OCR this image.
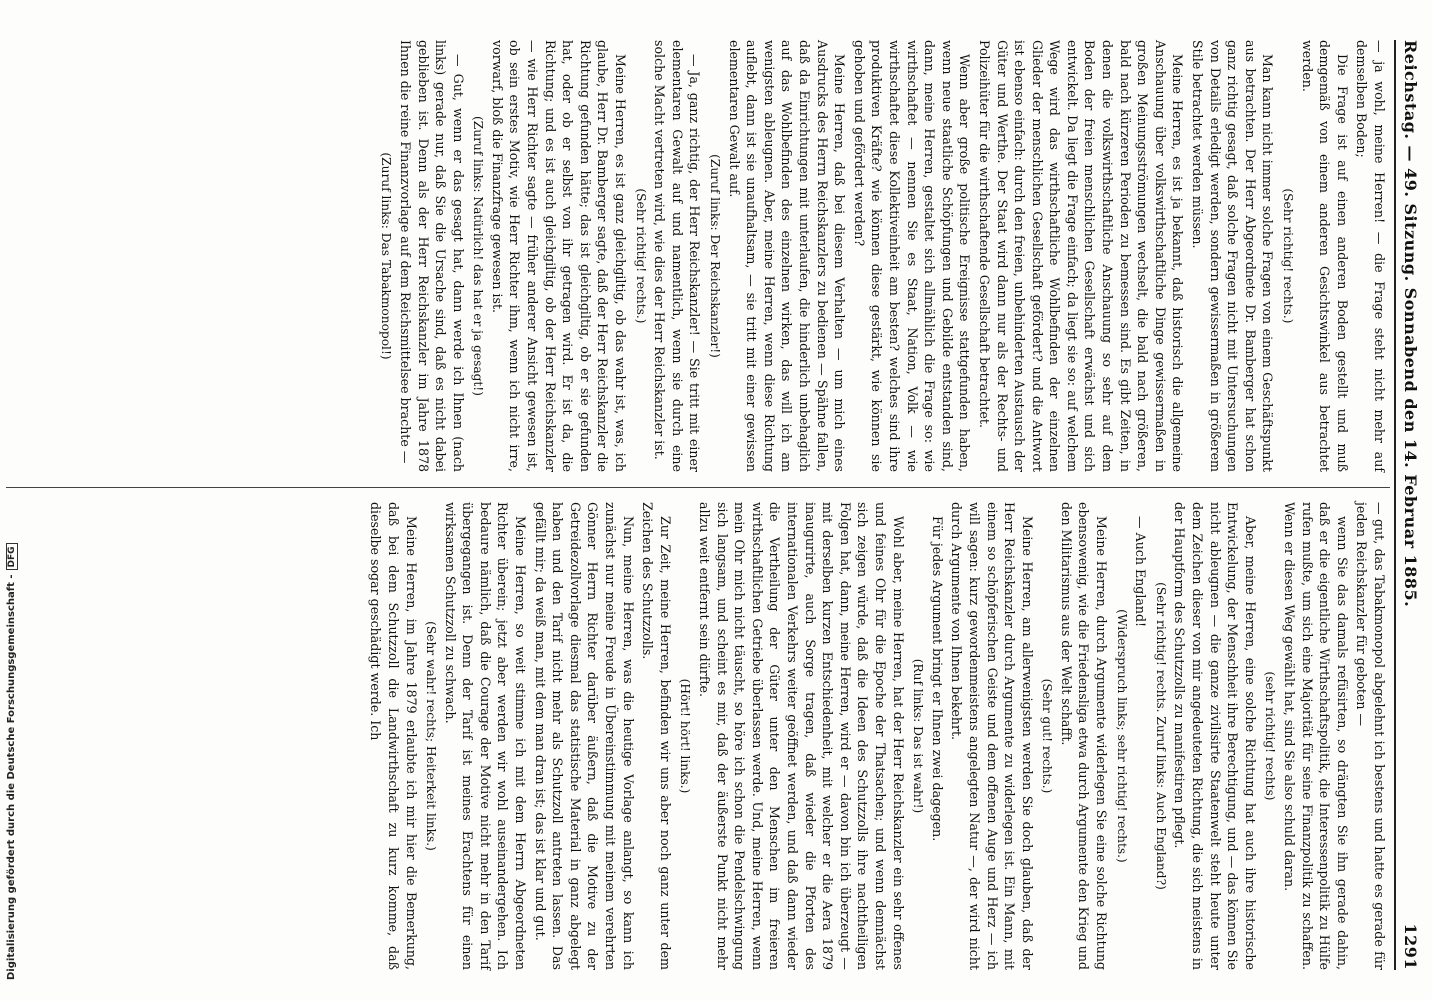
Reichstag. — 49. Sitzung. Sonnabend den 14. Februar 1885.
1291

— ja wohl, meine Herren! — die Frage steht nicht mehr auf demselben Boden;

Die Frage ist auf einen anderen Boden gestellt und muß demgemäß von einem anderen Gesichtswinkel aus betrachtet werden.

(Sehr richtig! rechts.)

Man kann nicht immer solche Fragen von einem Geschäftspunkt aus betrachten. Der Herr Abgeordnete Dr. Bamberger hat schon ganz richtig gesagt, daß solche Fragen nicht mit Untersuchungen von Details erledigt werden, sondern gewissermaßen in größerem Stile betrachtet werden müssen.

Meine Herren, es ist ja bekannt, daß historisch die allgemeine Anschauung über volkswirthschaftliche Dinge gewissermaßen in großen Meinungsströmungen wechselt, die bald nach größeren, bald nach kürzeren Perioden zu bemessen sind. Es gibt Zeiten, in denen die volkswirthschaftliche Anschauung so sehr auf dem Boden der freien menschlichen Gesellschaft erwächst und sich entwickelt. Da liegt die Frage einfach; da liegt sie so: auf welchem Wege wird das wirthschaftliche Wohlbefinden der einzelnen Glieder der menschlichen Gesellschaft gefördert? und die Antwort ist ebenso einfach: durch den freien, unbehinderten Austausch der Güter und Werthe. Der Staat wird dann nur als der Rechts- und Polizeihüter für die wirthschaftende Gesellschaft betrachtet.

Wenn aber große politische Ereignisse stattgefunden haben, wenn neue staatliche Schöpfungen und Gebilde entstanden sind, dann, meine Herren, gestaltet sich allmählich die Frage so: wie wirthschaftet — nennen Sie es Staat, Nation, Volk — wie wirthschaftet diese Kollektiveinheit am besten? welches sind ihre produktiven Kräfte? wie können diese gestärkt, wie können sie gehoben und gefördert werden?

Meine Herren, daß bei diesem Verhalten — um mich eines Ausdrucks des Herrn Reichskanzlers zu bedienen — Spähne fallen, daß da Einrichtungen mit unterlaufen, die hinderlich unbehaglich auf das Wohlbefinden des einzelnen wirken, das will ich am wenigsten ableugnen. Aber, meine Herren, wenn diese Richtung auflebt, dann ist sie unaufhaltsam, — sie tritt mit einer gewissen elementaren Gewalt auf.

(Zuruf links: Der Reichskanzler!)

— Ja, ganz richtig, der Herr Reichskanzler! — Sie tritt mit einer elementaren Gewalt auf und namentlich, wenn sie durch eine solche Macht vertreten wird, wie dies der Herr Reichskanzler ist.

(Sehr richtig! rechts.)

Meine Herren, es ist ganz gleichgiltig, ob das wahr ist, was, ich glaube, Herr Dr. Bamberger sagte, daß der Herr Reichskanzler die Richtung gefunden hätte; das ist gleichgiltig, ob er sie gefunden hat, oder ob er selbst von ihr getragen wird. Er ist da, die Richtung; und es ist auch gleichgiltig, ob der Herr Reichskanzler — wie Herr Richter sagte — früher anderer Ansicht gewesen ist, ob sein erstes Motiv, wie Herr Richter ihm, wenn ich nicht irre, vorwarf, bloß die Finanzfrage gewesen ist.

(Zuruf links: Natürlich! das hat er ja gesagt!)

— Gut, wenn er das gesagt hat, dann werde ich Ihnen (nach links) gerade nur, daß Sie die Ursache sind, daß es nicht dabei geblieben ist. Denn als der Herr Reichskanzler im Jahre 1878 Ihnen die reine Finanzvorlage auf dem Reichsmittelsee brachte —

(Zuruf links: Das Tabakmonopol!)

— gut, das Tabakmonopol abgelehnt ich bestens und hatte es gerade für jeden Reichskanzler für geboten —

wenn Sie das damals refüsirten, so drängten Sie ihn gerade dahin, daß er die eigentliche Wirthschaftspolitik, die Interessenpolitik zu Hülfe rufen mußte, um sich eine Majorität für seine Finanzpolitik zu schaffen. Wenn er diesen Weg gewählt hat, sind Sie also schuld daran.

(sehr richtig! rechts)

Aber, meine Herren, eine solche Richtung hat auch ihre historische Entwickelung, der Menschheit ihre Berechtigung, und — das können Sie nicht ableugnen — die ganze zivilisirte Staatenwelt steht heute unter dem Zeichen dieser von mir angedeuteten Richtung, die sich meistens in der Hauptform des Schutzzolls zu manifestiren pflegt.

(Sehr richtig! rechts. Zuruf links: Auch England?)

— Auch England!

(Widerspruch links; sehr richtig! rechts.)

Meine Herren, durch Argumente widerlegen Sie eine solche Richtung ebensowenig, wie die Friedensliga etwa durch Argumente den Krieg und den Militarismus aus der Welt schafft.

(Sehr gut! rechts.)

Meine Herren, am allerwenigsten werden Sie doch glauben, daß der Herr Reichskanzler durch Argumente zu widerlegen ist. Ein Mann, mit einem so schöpferischen Geiste und dem offenen Auge und Herz — ich will sagen: kurz gewordenmeistens angelegten Natur —, der wird nicht durch Argumente von Ihnen bekehrt.

Für jedes Argument bringt er Ihnen zwei dagegen.

(Ruf links: Das ist wahr!)

Wohl aber, meine Herren, hat der Herr Reichskanzler ein sehr offenes und feines Ohr für die Epoche der Thatsachen; und wenn demnächst sich zeigen würde, daß die Ideen des Schutzzolls ihre nachtheiligen Folgen hat, dann, meine Herren, wird er — davon bin ich überzeugt — mit derselben kurzen Entschiedenheit, mit welcher er die Aera 1879 inaugurirte, auch Sorge tragen, daß wieder die Pforten des internationalen Verkehrs weiter geöffnet werden, und daß dann wieder die Vertheilung der Güter unter den Menschen im freieren wirthschaftlichen Getriebe überlassen werde. Und, meine Herren, wenn mein Ohr mich nicht täuscht, so höre ich schon die Pendelschwingung sich langsam, und scheint es mir, daß der äußerste Punkt nicht mehr allzu weit entfernt sein dürfte.

(Hört! hört! links.)

Zur Zeit, meine Herren, befinden wir uns aber noch ganz unter dem Zeichen des Schutzzolls.

Nun, meine Herren, was die heutige Vorlage anlangt, so kann ich zunächst nur meine Freude in Übereinstimmung mit meinem verehrten Gönner Herrn Richter darüber äußern, daß die Motive zu der Getreidezollvorlage diesmal das statistische Material in ganz abgelegt haben und den Tarif nicht mehr als Schutzzoll antreten lassen. Das gefällt mir; da weiß man, mit dem man dran ist; das ist klar und gut.

Meine Herren, so weit stimme ich mit dem Herrn Abgeordneten Richter überein; jetzt aber werden wir wohl auseinandergehen. Ich bedaure nämlich, daß die Courage der Motive nicht mehr in den Tarif übergegangen ist. Denn der Tarif ist meines Erachtens für einen wirksamen Schutzzoll zu schwach.

(Sehr wahr! rechts; Heiterkeit links.)

Meine Herren, im Jahre 1879 erlaubte ich mir hier die Bemerkung, daß bei dem Schutzzoll die Landwirthschaft zu kurz komme, daß dieselbe sogar geschädigt werde. Ich

Digitalisierung gefördert durch die Deutsche Forschungsgemeinschaft -DFG
